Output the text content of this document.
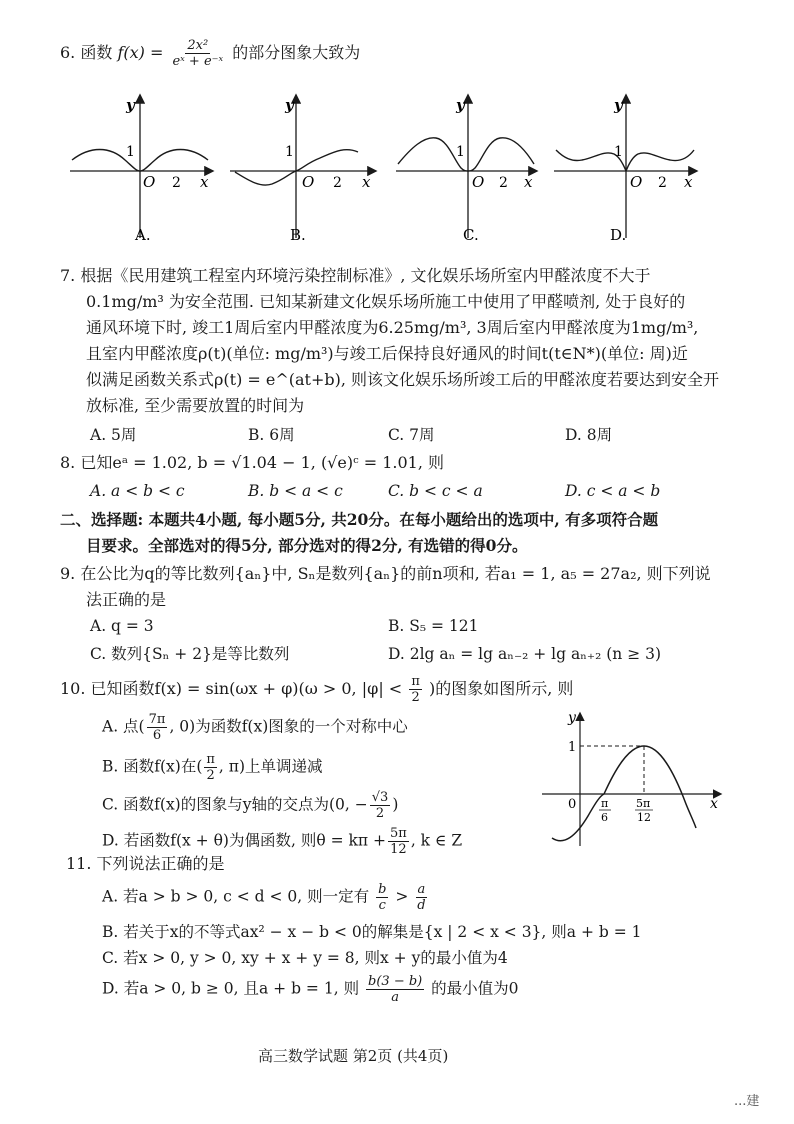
6. 函数 $f(x) = \frac{\text{2x²}}{\text{eˣ + e⁻ˣ}}$ 的部分图象大致为
y
1
O 2 x
A.
y
1
O 2 x
B.
y
1
O 2 x
C.
y
1
O 2 x
D.
7. 根据《民用建筑工程室内环境污染控制标准》, 文化娱乐场所室内甲醛浓度不大于
0.1mg/m³ 为安全范围. 已知某新建文化娱乐场所施工中使用了甲醛喷剂, 处于良好的
通风环境下时, 竣工1周后室内甲醛浓度为6.25mg/m³, 3周后室内甲醛浓度为1mg/m³,
且室内甲醛浓度ρ(t)(单位: mg/m³)与竣工后保持良好通风的时间t(t∈N*)(单位: 周)近
似满足函数关系式ρ(t) = e^(at+b), 则该文化娱乐场所竣工后的甲醛浓度若要达到安全开
放标准, 至少需要放置的时间为
A. 5周	B. 6周	C. 7周	D. 8周
8. 已知eᵃ = 1.02, b = √1.04 − 1, (√e)ᶜ = 1.01, 则
A. a < b < c	B. b < a < c	C. b < c < a	D. c < a < b
二、选择题: 本题共4小题, 每小题5分, 共20分。在每小题给出的选项中, 有多项符合题
目要求。全部选对的得5分, 部分选对的得2分, 有选错的得0分。
9. 在公比为q的等比数列{aₙ}中, Sₙ是数列{aₙ}的前n项和, 若a₁ = 1, a₅ = 27a₂, 则下列说
法正确的是
A. q = 3	B. S₅ = 121
C. 数列{Sₙ + 2}是等比数列	D. 2lg aₙ = lg aₙ₋₂ + lg aₙ₊₂ (n ≥ 3)
10. 已知函数f(x) = sin(ωx + φ)(ω > 0, $|\varphi| < \frac{\pi}{2}$ )的图象如图所示, 则
A. 点( $\frac{7\pi}{6}$ , 0)为函数f(x)图象的一个对称中心
B. 函数f(x)在( $\frac{\pi}{2}$ , π)上单调递减
C. 函数f(x)的图象与y轴的交点为(0, − $\frac{√3}{2}$ )
D. 若函数f(x + θ)为偶函数, 则$\theta = k\pi + \frac{5\pi}{12}$ , k ∈ Z
y
1
0	x
π
6
5π
12
11. 下列说法正确的是
A. 若a > b > 0, c < d < 0, 则一定有 $\frac{b}{c} > \frac{a}{d}$
B. 若关于x的不等式ax² − x − b < 0的解集是{x | 2 < x < 3}, 则a + b = 1
C. 若x > 0, y > 0, xy + x + y = 8, 则x + y的最小值为4
D. 若a > 0, b ≥ 0, 且a + b = 1, 则 $\frac{b(3 - b)}{a}$ 的最小值为0
高三数学试题 第2页 (共4页)
...建
